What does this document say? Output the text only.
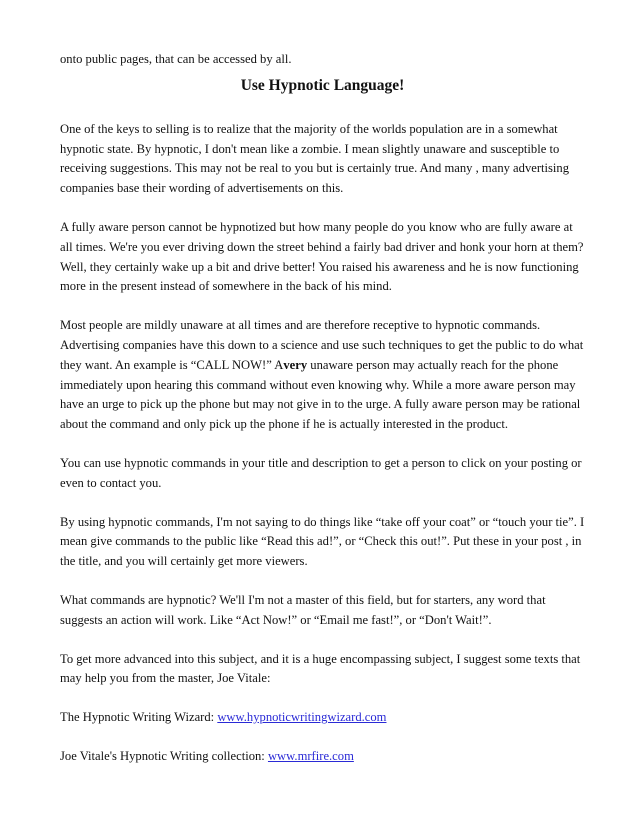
onto public pages, that can be accessed by all.

Use Hypnotic Language!

One of the keys to selling is to realize that the majority of the worlds population are in a somewhat hypnotic state. By hypnotic, I don't mean like a zombie. I mean slightly unaware and susceptible to receiving suggestions. This may not be real to you but is certainly true. And many , many advertising companies base their wording of advertisements on this.

A fully aware person cannot be hypnotized but how many people do you know who are fully aware at all times. We're you ever driving down the street behind a fairly bad driver and honk your horn at them? Well, they certainly wake up a bit and drive better! You raised his awareness and he is now functioning more in the present instead of somewhere in the back of his mind.

Most people are mildly unaware at all times and are therefore receptive to hypnotic commands. Advertising companies have this down to a science and use such techniques to get the public to do what they want. An example is “CALL NOW!” Avery unaware person may actually reach for the phone immediately upon hearing this command without even knowing why. While a more aware person may have an urge to pick up the phone but may not give in to the urge. A fully aware person may be rational about the command and only pick up the phone if he is actually interested in the product.

You can use hypnotic commands in your title and description to get a person to click on your posting or even to contact you.

By using hypnotic commands, I'm not saying to do things like “take off your coat” or “touch your tie”. I mean give commands to the public like “Read this ad!”, or “Check this out!”. Put these in your post , in the title, and you will certainly get more viewers.

What commands are hypnotic? We'll I'm not a master of this field, but for starters, any word that suggests an action will work. Like “Act Now!” or “Email me fast!”, or “Don't Wait!”.

To get more advanced into this subject, and it is a huge encompassing subject, I suggest some texts that may help you from the master, Joe Vitale:

The Hypnotic Writing Wizard: www.hypnoticwritingwizard.com

Joe Vitale's Hypnotic Writing collection: www.mrfire.com
